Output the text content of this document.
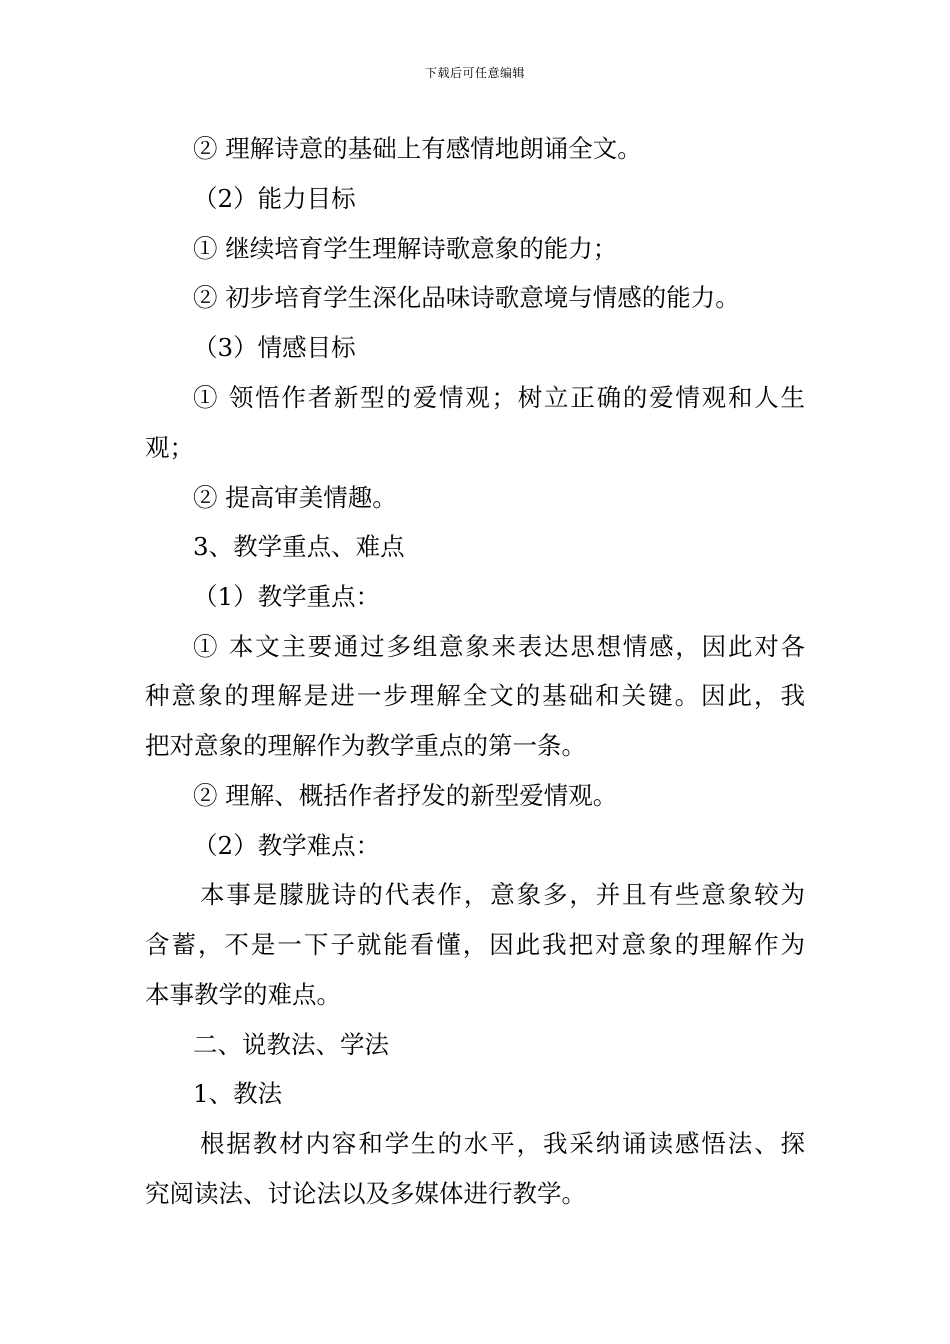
下载后可任意编辑
② 理解诗意的基础上有感情地朗诵全文。
（2）能力目标
① 继续培育学生理解诗歌意象的能力；
② 初步培育学生深化品味诗歌意境与情感的能力。
（3）情感目标
① 领悟作者新型的爱情观；树立正确的爱情观和人生
观；
② 提高审美情趣。
3、教学重点、难点
（1）教学重点：
① 本文主要通过多组意象来表达思想情感，因此对各
种意象的理解是进一步理解全文的基础和关键。因此，我
把对意象的理解作为教学重点的第一条。
② 理解、概括作者抒发的新型爱情观。
（2）教学难点：
本事是朦胧诗的代表作，意象多，并且有些意象较为
含蓄，不是一下子就能看懂，因此我把对意象的理解作为
本事教学的难点。
二、说教法、学法
1、教法
根据教材内容和学生的水平，我采纳诵读感悟法、探
究阅读法、讨论法以及多媒体进行教学。
